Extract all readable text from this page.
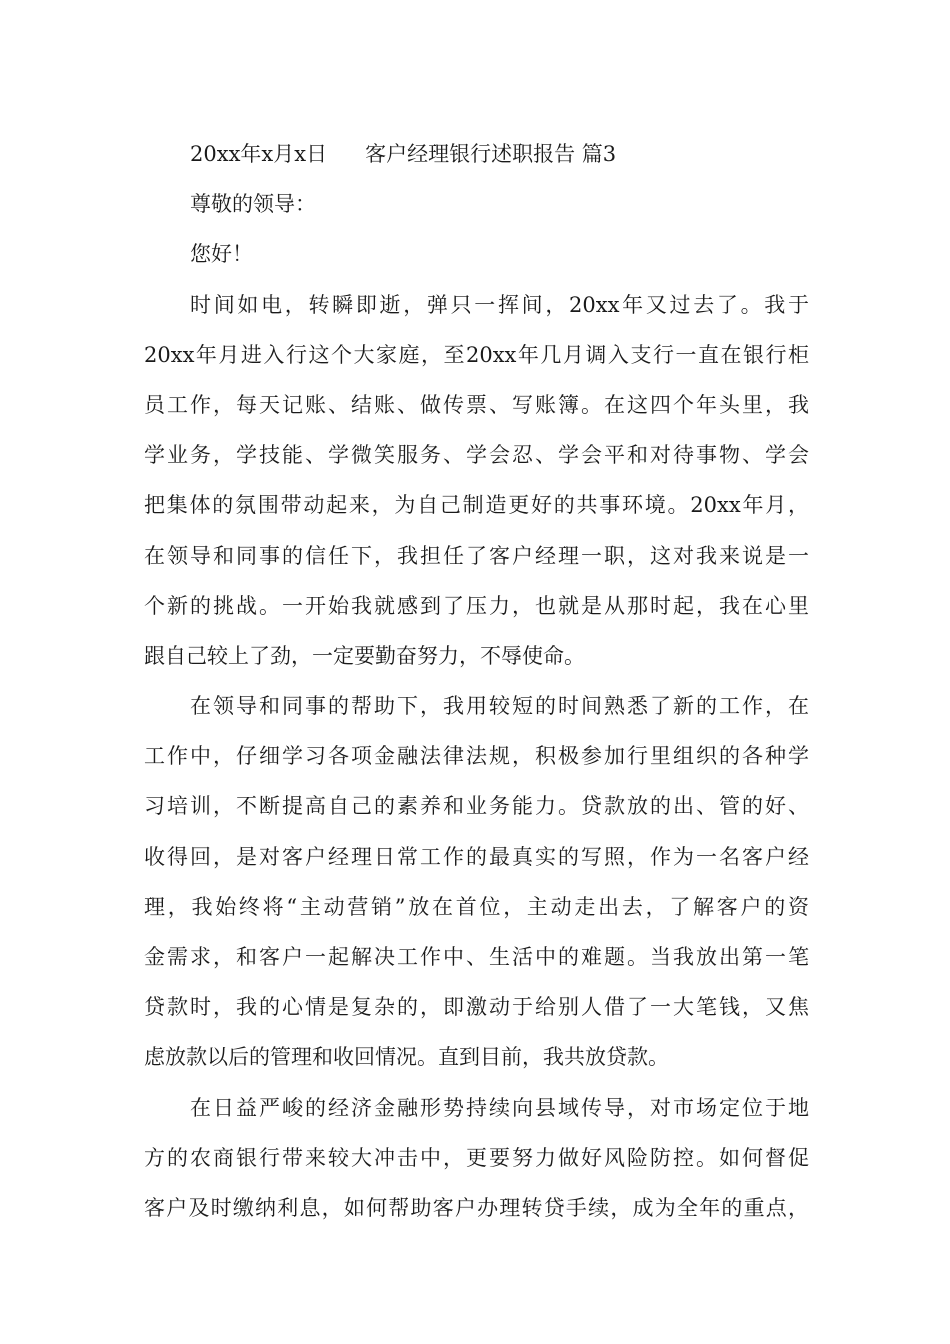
20xx年x月x日 客户经理银行述职报告 篇3
尊敬的领导：
您好！
时间如电，转瞬即逝，弹只一挥间，20xx年又过去了。我于
20xx年月进入行这个大家庭，至20xx年几月调入支行一直在银行柜
员工作，每天记账、结账、做传票、写账簿。在这四个年头里，我
学业务，学技能、学微笑服务、学会忍、学会平和对待事物、学会
把集体的氛围带动起来，为自己制造更好的共事环境。20xx年月，
在领导和同事的信任下，我担任了客户经理一职，这对我来说是一
个新的挑战。一开始我就感到了压力，也就是从那时起，我在心里
跟自己较上了劲，一定要勤奋努力，不辱使命。
在领导和同事的帮助下，我用较短的时间熟悉了新的工作，在
工作中，仔细学习各项金融法律法规，积极参加行里组织的各种学
习培训，不断提高自己的素养和业务能力。贷款放的出、管的好、
收得回，是对客户经理日常工作的最真实的写照，作为一名客户经
理，我始终将“主动营销”放在首位，主动走出去，了解客户的资
金需求，和客户一起解决工作中、生活中的难题。当我放出第一笔
贷款时，我的心情是复杂的，即激动于给别人借了一大笔钱，又焦
虑放款以后的管理和收回情况。直到目前，我共放贷款。
在日益严峻的经济金融形势持续向县域传导，对市场定位于地
方的农商银行带来较大冲击中，更要努力做好风险防控。如何督促
客户及时缴纳利息，如何帮助客户办理转贷手续，成为全年的重点，
